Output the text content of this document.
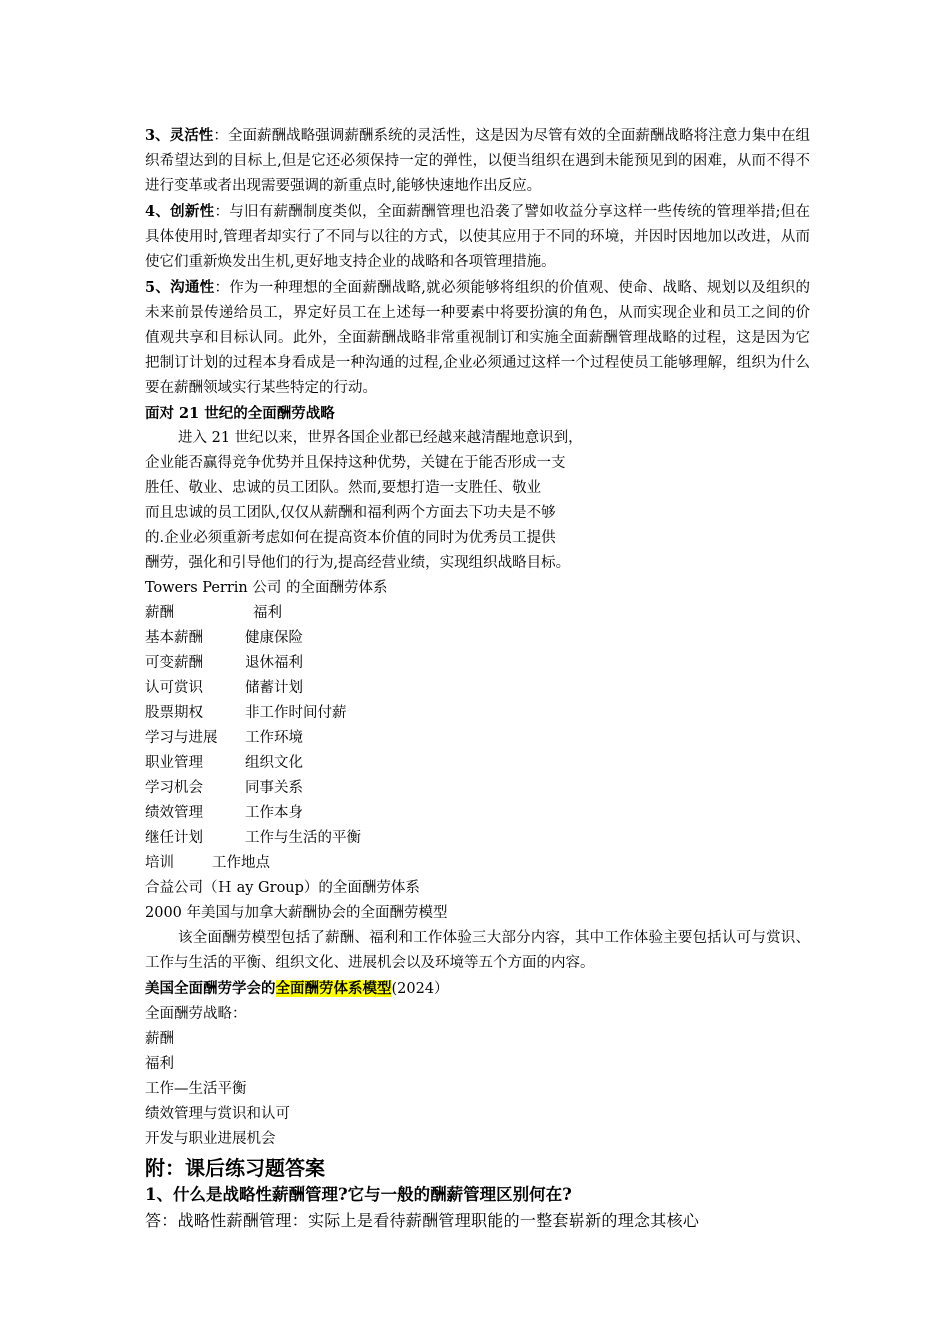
3、灵活性：全面薪酬战略强调薪酬系统的灵活性，这是因为尽管有效的全面薪酬战略将注意力集中在组织希望达到的目标上,但是它还必须保持一定的弹性，以便当组织在遇到未能预见到的困难，从而不得不进行变革或者出现需要强调的新重点时,能够快速地作出反应。

4、创新性：与旧有薪酬制度类似，全面薪酬管理也沿袭了譬如收益分享这样一些传统的管理举措;但在具体使用时,管理者却实行了不同与以往的方式，以使其应用于不同的环境，并因时因地加以改进，从而使它们重新焕发出生机,更好地支持企业的战略和各项管理措施。

5、沟通性：作为一种理想的全面薪酬战略,就必须能够将组织的价值观、使命、战略、规划以及组织的未来前景传递给员工，界定好员工在上述每一种要素中将要扮演的角色，从而实现企业和员工之间的价值观共享和目标认同。此外，全面薪酬战略非常重视制订和实施全面薪酬管理战略的过程，这是因为它把制订计划的过程本身看成是一种沟通的过程,企业必须通过这样一个过程使员工能够理解，组织为什么要在薪酬领域实行某些特定的行动。

面对 21 世纪的全面酬劳战略

进入 21 世纪以来，世界各国企业都已经越来越清醒地意识到，

企业能否赢得竞争优势并且保持这种优势，关键在于能否形成一支

胜任、敬业、忠诚的员工团队。然而,要想打造一支胜任、敬业

而且忠诚的员工团队,仅仅从薪酬和福利两个方面去下功夫是不够

的.企业必须重新考虑如何在提高资本价值的同时为优秀员工提供

酬劳，强化和引导他们的行为,提高经营业绩，实现组织战略目标。

Towers Perrin 公司 的全面酬劳体系

薪酬	福利
基本薪酬	健康保险
可变薪酬	退休福利
认可赏识	储蓄计划
股票期权	非工作时间付薪
学习与进展	工作环境
职业管理	组织文化
学习机会	同事关系
绩效管理	工作本身
继任计划	工作与生活的平衡
培训	工作地点

合益公司（Ｈ ay Group）的全面酬劳体系

2000 年美国与加拿大薪酬协会的全面酬劳模型

该全面酬劳模型包括了薪酬、福利和工作体验三大部分内容，其中工作体验主要包括认可与赏识、工作与生活的平衡、组织文化、进展机会以及环境等五个方面的内容。

美国全面酬劳学会的全面酬劳体系模型(2024）

全面酬劳战略：

薪酬

福利

工作—生活平衡

绩效管理与赏识和认可

开发与职业进展机会

附：课后练习题答案

1、什么是战略性薪酬管理?它与一般的酬薪管理区别何在?

答：战略性薪酬管理：实际上是看待薪酬管理职能的一整套崭新的理念其核心
